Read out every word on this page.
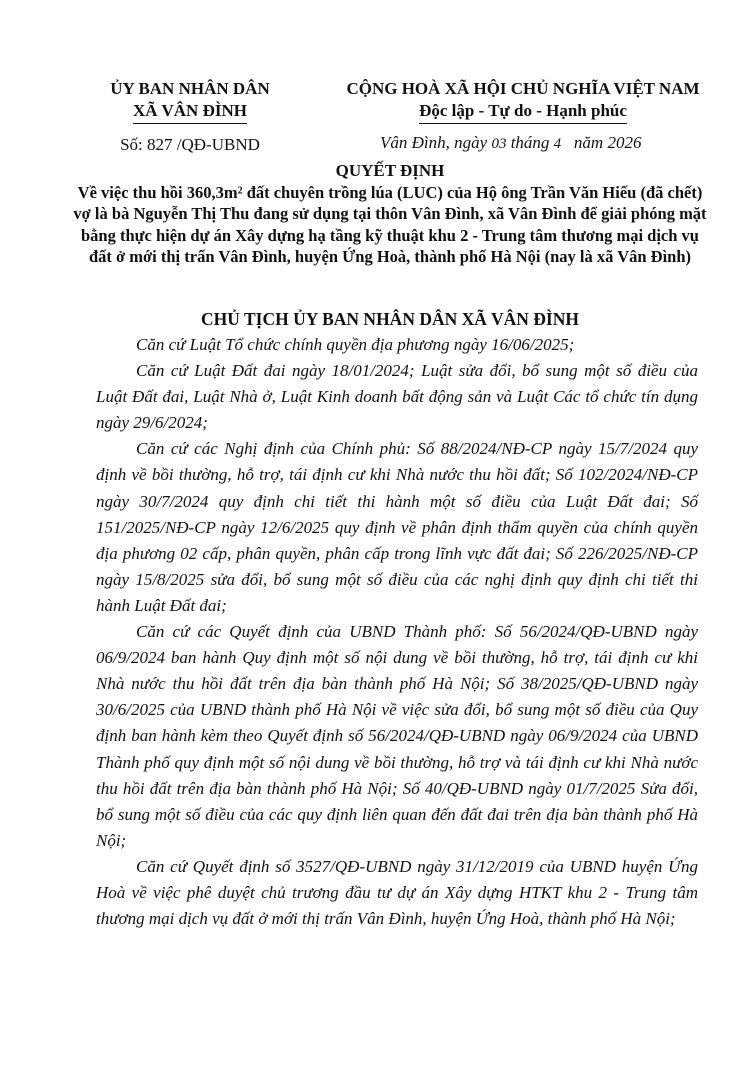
ỦY BAN NHÂN DÂN
XÃ VÂN ĐÌNH
CỘNG HOÀ XÃ HỘI CHỦ NGHĨA VIỆT NAM
Độc lập - Tự do - Hạnh phúc
Số: 827 /QĐ-UBND	Vân Đình, ngày 03 tháng 4   năm 2026
QUYẾT ĐỊNH
Về việc thu hồi 360,3m² đất chuyên trồng lúa (LUC) của Hộ ông Trần Văn Hiếu (đã chết) vợ là bà Nguyễn Thị Thu đang sử dụng tại thôn Vân Đình, xã Vân Đình để giải phóng mặt bằng thực hiện dự án Xây dựng hạ tầng kỹ thuật khu 2 - Trung tâm thương mại dịch vụ đất ở mới thị trấn Vân Đình, huyện Ứng Hoà, thành phố Hà Nội (nay là xã Vân Đình)
CHỦ TỊCH ỦY BAN NHÂN DÂN XÃ VÂN ĐÌNH

Căn cứ Luật Tổ chức chính quyền địa phương ngày 16/06/2025;

Căn cứ Luật Đất đai ngày 18/01/2024; Luật sửa đổi, bổ sung một số điều của Luật Đất đai, Luật Nhà ở, Luật Kinh doanh bất động sản và Luật Các tổ chức tín dụng ngày 29/6/2024;

Căn cứ các Nghị định của Chính phủ: Số 88/2024/NĐ-CP ngày 15/7/2024 quy định về bồi thường, hỗ trợ, tái định cư khi Nhà nước thu hồi đất; Số 102/2024/NĐ-CP ngày 30/7/2024 quy định chi tiết thi hành một số điều của Luật Đất đai; Số 151/2025/NĐ-CP ngày 12/6/2025 quy định về phân định thẩm quyền của chính quyền địa phương 02 cấp, phân quyền, phân cấp trong lĩnh vực đất đai; Số 226/2025/NĐ-CP ngày 15/8/2025 sửa đổi, bổ sung một số điều của các nghị định quy định chi tiết thi hành Luật Đất đai;

Căn cứ các Quyết định của UBND Thành phố: Số 56/2024/QĐ-UBND ngày 06/9/2024 ban hành Quy định một số nội dung về bồi thường, hỗ trợ, tái định cư khi Nhà nước thu hồi đất trên địa bàn thành phố Hà Nội; Số 38/2025/QĐ-UBND ngày 30/6/2025 của UBND thành phố Hà Nội về việc sửa đổi, bổ sung một số điều của Quy định ban hành kèm theo Quyết định số 56/2024/QĐ-UBND ngày 06/9/2024 của UBND Thành phố quy định một số nội dung về bồi thường, hỗ trợ và tái định cư khi Nhà nước thu hồi đất trên địa bàn thành phố Hà Nội; Số 40/QĐ-UBND ngày 01/7/2025 Sửa đổi, bổ sung một số điều của các quy định liên quan đến đất đai trên địa bàn thành phố Hà Nội;

Căn cứ Quyết định số 3527/QĐ-UBND ngày 31/12/2019 của UBND huyện Ứng Hoà về việc phê duyệt chủ trương đầu tư dự án Xây dựng HTKT khu 2 - Trung tâm thương mại dịch vụ đất ở mới thị trấn Vân Đình, huyện Ứng Hoà, thành phố Hà Nội;
